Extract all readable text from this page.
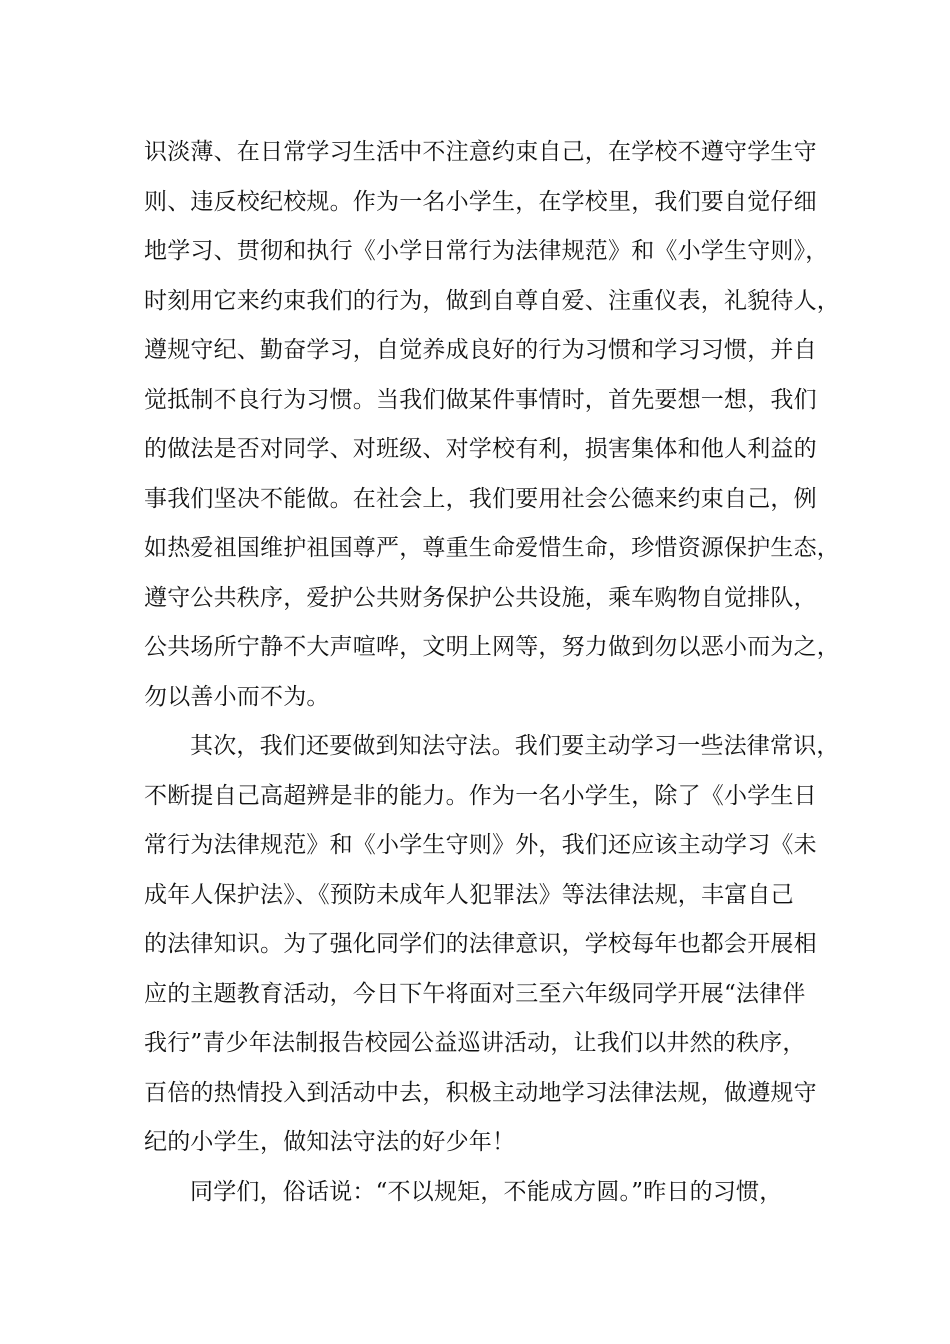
识淡薄、在日常学习生活中不注意约束自己，在学校不遵守学生守
则、违反校纪校规。作为一名小学生，在学校里，我们要自觉仔细
地学习、贯彻和执行《小学日常行为法律规范》和《小学生守则》，
时刻用它来约束我们的行为，做到自尊自爱、注重仪表，礼貌待人，
遵规守纪、勤奋学习，自觉养成良好的行为习惯和学习习惯，并自
觉抵制不良行为习惯。当我们做某件事情时，首先要想一想，我们
的做法是否对同学、对班级、对学校有利，损害集体和他人利益的
事我们坚决不能做。在社会上，我们要用社会公德来约束自己，例
如热爱祖国维护祖国尊严，尊重生命爱惜生命，珍惜资源保护生态，
遵守公共秩序，爱护公共财务保护公共设施，乘车购物自觉排队，
公共场所宁静不大声喧哗，文明上网等，努力做到勿以恶小而为之，
勿以善小而不为。
其次，我们还要做到知法守法。我们要主动学习一些法律常识，
不断提自己高超辨是非的能力。作为一名小学生，除了《小学生日
常行为法律规范》和《小学生守则》外，我们还应该主动学习《未
成年人保护法》、《预防未成年人犯罪法》等法律法规，丰富自己
的法律知识。为了强化同学们的法律意识，学校每年也都会开展相
应的主题教育活动，今日下午将面对三至六年级同学开展“法律伴
我行”青少年法制报告校园公益巡讲活动，让我们以井然的秩序，
百倍的热情投入到活动中去，积极主动地学习法律法规，做遵规守
纪的小学生，做知法守法的好少年！
同学们，俗话说：“不以规矩，不能成方圆。”昨日的习惯，
